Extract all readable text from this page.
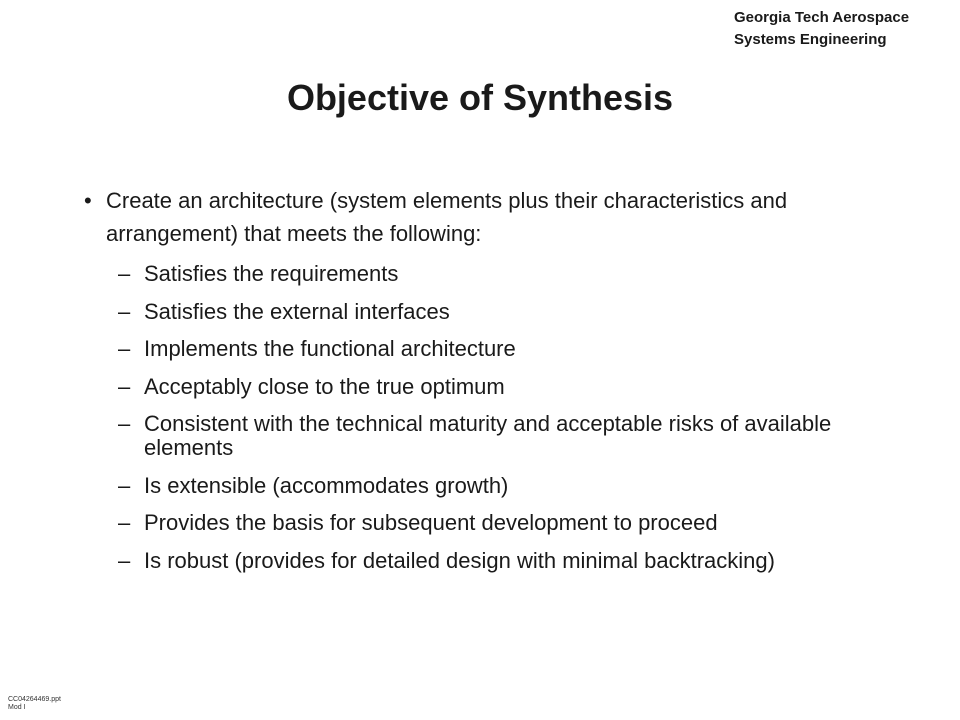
Georgia Tech Aerospace
Systems Engineering
Objective of Synthesis
• Create an architecture (system elements plus their characteristics and arrangement) that meets the following:
– Satisfies the requirements
– Satisfies the external interfaces
– Implements the functional architecture
– Acceptably close to the true optimum
– Consistent with the technical maturity and acceptable risks of available elements
– Is extensible (accommodates growth)
– Provides the basis for subsequent development to proceed
– Is robust (provides for detailed design with minimal backtracking)
CC04264469.ppt
Mod I
